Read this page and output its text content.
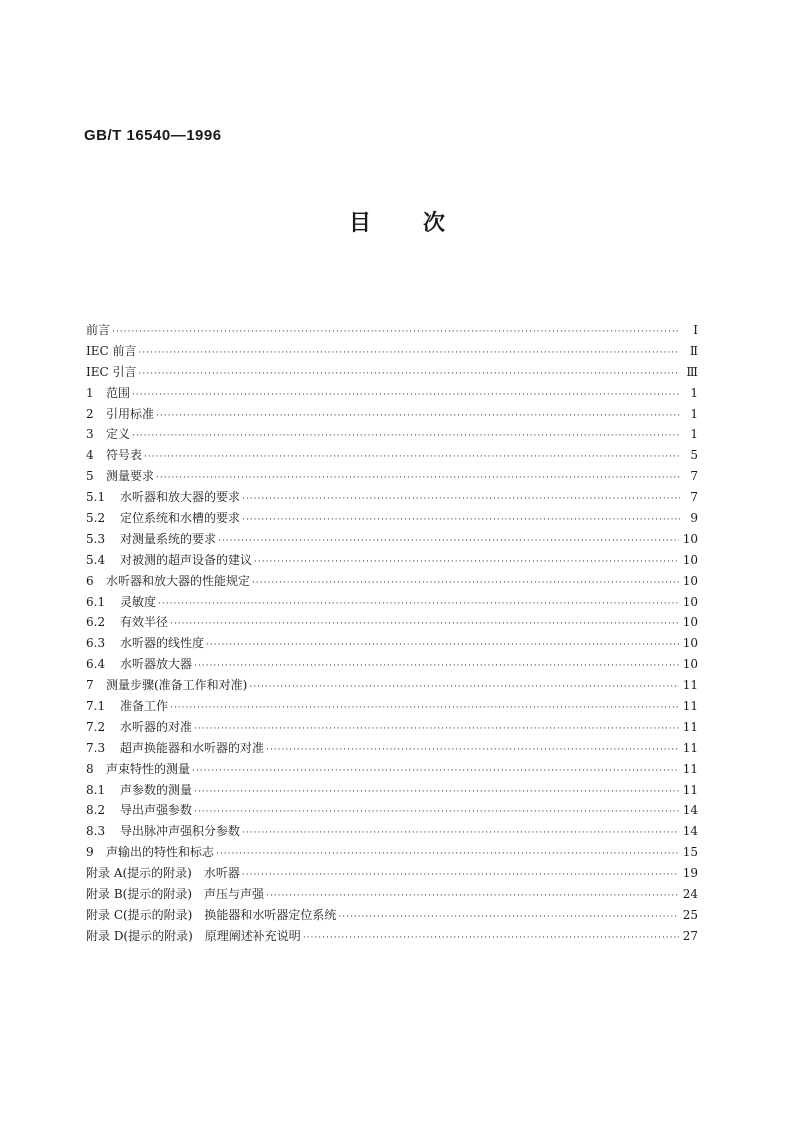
GB/T 16540—1996
目 次
前言 ·····	I
IEC 前言 ·····	Ⅱ
IEC 引言 ·····	Ⅲ
1 范围 ·····	1
2 引用标准 ·····	1
3 定义 ·····	1
4 符号表 ·····	5
5 测量要求 ·····	7
5.1 水听器和放大器的要求 ·····	7
5.2 定位系统和水槽的要求 ·····	9
5.3 对测量系统的要求 ·····	10
5.4 对被测的超声设备的建议 ·····	10
6 水听器和放大器的性能规定 ·····	10
6.1 灵敏度 ·····	10
6.2 有效半径 ·····	10
6.3 水听器的线性度 ·····	10
6.4 水听器放大器 ·····	10
7 测量步骤(准备工作和对准) ·····	11
7.1 准备工作 ·····	11
7.2 水听器的对准 ·····	11
7.3 超声换能器和水听器的对准 ·····	11
8 声束特性的测量 ·····	11
8.1 声参数的测量 ·····	11
8.2 导出声强参数 ·····	14
8.3 导出脉冲声强积分参数 ·····	14
9 声输出的特性和标志 ·····	15
附录 A(提示的附录)　水听器 ·····	19
附录 B(提示的附录)　声压与声强 ·····	24
附录 C(提示的附录)　换能器和水听器定位系统 ·····	25
附录 D(提示的附录)　原理阐述补充说明 ·····	27
